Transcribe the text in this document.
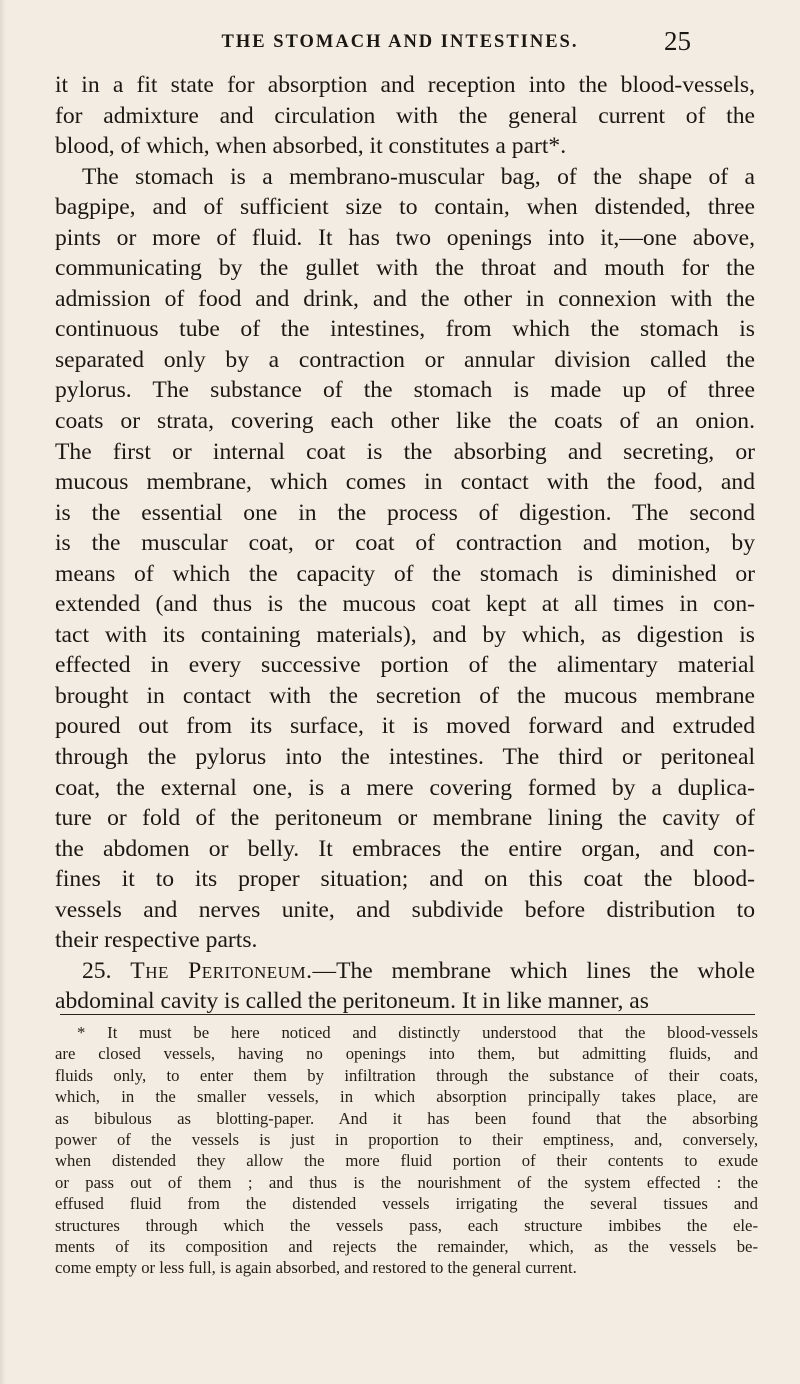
THE STOMACH AND INTESTINES.	25
it in a fit state for absorption and reception into the blood-vessels,
for admixture and circulation with the general current of the
blood, of which, when absorbed, it constitutes a part*.
The stomach is a membrano-muscular bag, of the shape of a
bagpipe, and of sufficient size to contain, when distended, three
pints or more of fluid. It has two openings into it,—one above,
communicating by the gullet with the throat and mouth for the
admission of food and drink, and the other in connexion with the
continuous tube of the intestines, from which the stomach is
separated only by a contraction or annular division called the
pylorus. The substance of the stomach is made up of three
coats or strata, covering each other like the coats of an onion.
The first or internal coat is the absorbing and secreting, or
mucous membrane, which comes in contact with the food, and
is the essential one in the process of digestion. The second
is the muscular coat, or coat of contraction and motion, by
means of which the capacity of the stomach is diminished or
extended (and thus is the mucous coat kept at all times in con-
tact with its containing materials), and by which, as digestion is
effected in every successive portion of the alimentary material
brought in contact with the secretion of the mucous membrane
poured out from its surface, it is moved forward and extruded
through the pylorus into the intestines. The third or peritoneal
coat, the external one, is a mere covering formed by a duplica-
ture or fold of the peritoneum or membrane lining the cavity of
the abdomen or belly. It embraces the entire organ, and con-
fines it to its proper situation; and on this coat the blood-
vessels and nerves unite, and subdivide before distribution to
their respective parts.
25. The Peritoneum.—The membrane which lines the whole
abdominal cavity is called the peritoneum. It in like manner, as
* It must be here noticed and distinctly understood that the blood-vessels
are closed vessels, having no openings into them, but admitting fluids, and
fluids only, to enter them by infiltration through the substance of their coats,
which, in the smaller vessels, in which absorption principally takes place, are
as bibulous as blotting-paper. And it has been found that the absorbing
power of the vessels is just in proportion to their emptiness, and, conversely,
when distended they allow the more fluid portion of their contents to exude
or pass out of them ; and thus is the nourishment of the system effected : the
effused fluid from the distended vessels irrigating the several tissues and
structures through which the vessels pass, each structure imbibes the ele-
ments of its composition and rejects the remainder, which, as the vessels be-
come empty or less full, is again absorbed, and restored to the general current.
